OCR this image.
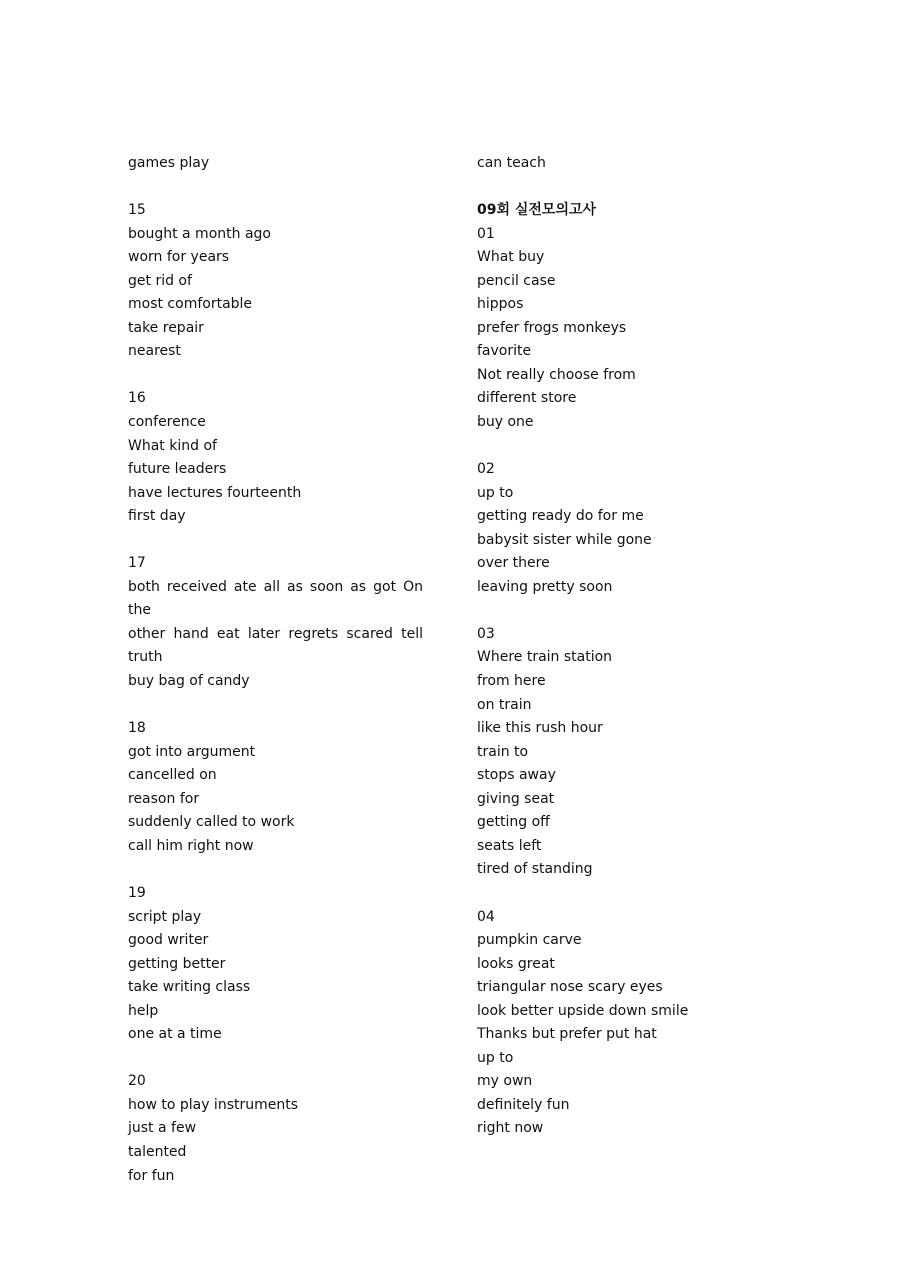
games play
15
bought a month ago
worn for years
get rid of
most comfortable
take repair
nearest
16
conference
What kind of
future leaders
have lectures fourteenth
first day
17
both received ate all as soon as got On the
other hand eat later regrets scared tell truth
buy bag of candy
18
got into argument
cancelled on
reason for
suddenly called to work
call him right now
19
script play
good writer
getting better
take writing class
help
one at a time
20
how to play instruments
just a few
talented
for fun
can teach
09회 실전모의고사
01
What buy
pencil case
hippos
prefer frogs monkeys
favorite
Not really choose from
different store
buy one
02
up to
getting ready do for me
babysit sister while gone
over there
leaving pretty soon
03
Where train station
from here
on train
like this rush hour
train to
stops away
giving seat
getting off
seats left
tired of standing
04
pumpkin carve
looks great
triangular nose scary eyes
look better upside down smile
Thanks but prefer put hat
up to
my own
definitely fun
right now
